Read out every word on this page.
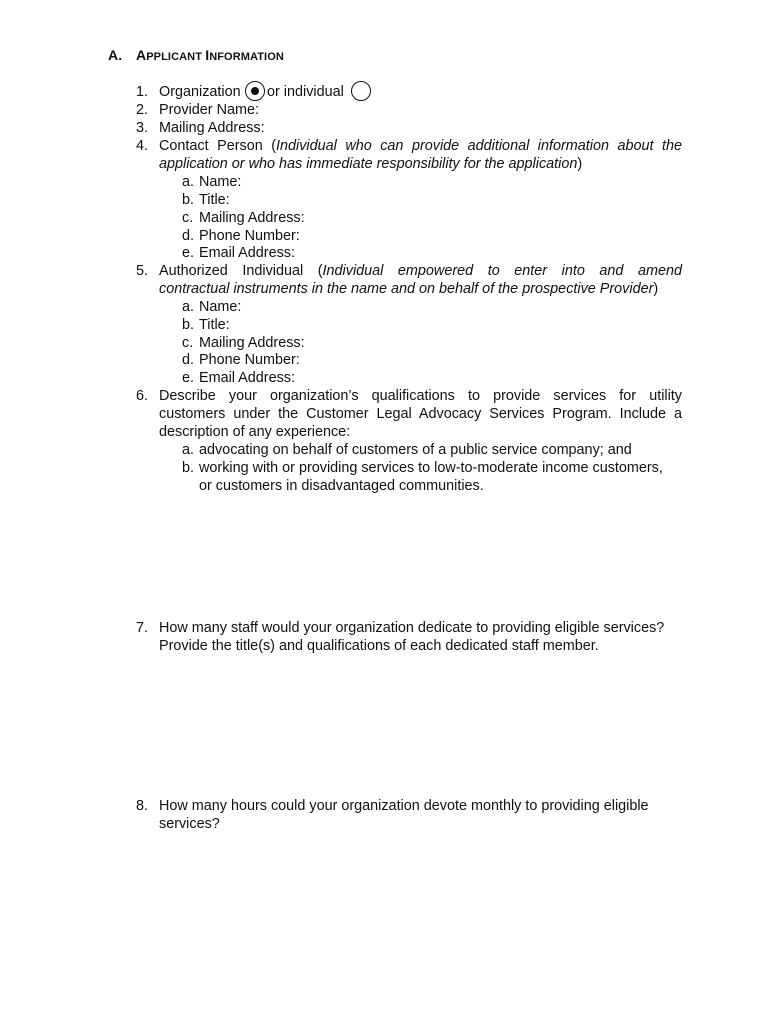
A. APPLICANT INFORMATION
1. Organization or individual
2. Provider Name:
3. Mailing Address:
4. Contact Person (Individual who can provide additional information about the
application or who has immediate responsibility for the application)
a. Name:
b. Title:
c. Mailing Address:
d. Phone Number:
e. Email Address:
5. Authorized Individual (Individual empowered to enter into and amend
contractual instruments in the name and on behalf of the prospective Provider)
a. Name:
b. Title:
c. Mailing Address:
d. Phone Number:
e. Email Address:
6. Describe your organization’s qualifications to provide services for utility
customers under the Customer Legal Advocacy Services Program. Include a
description of any experience:
a. advocating on behalf of customers of a public service company; and
b. working with or providing services to low-to-moderate income customers,
or customers in disadvantaged communities.
7. How many staff would your organization dedicate to providing eligible services?
Provide the title(s) and qualifications of each dedicated staff member.
8. How many hours could your organization devote monthly to providing eligible
services?
